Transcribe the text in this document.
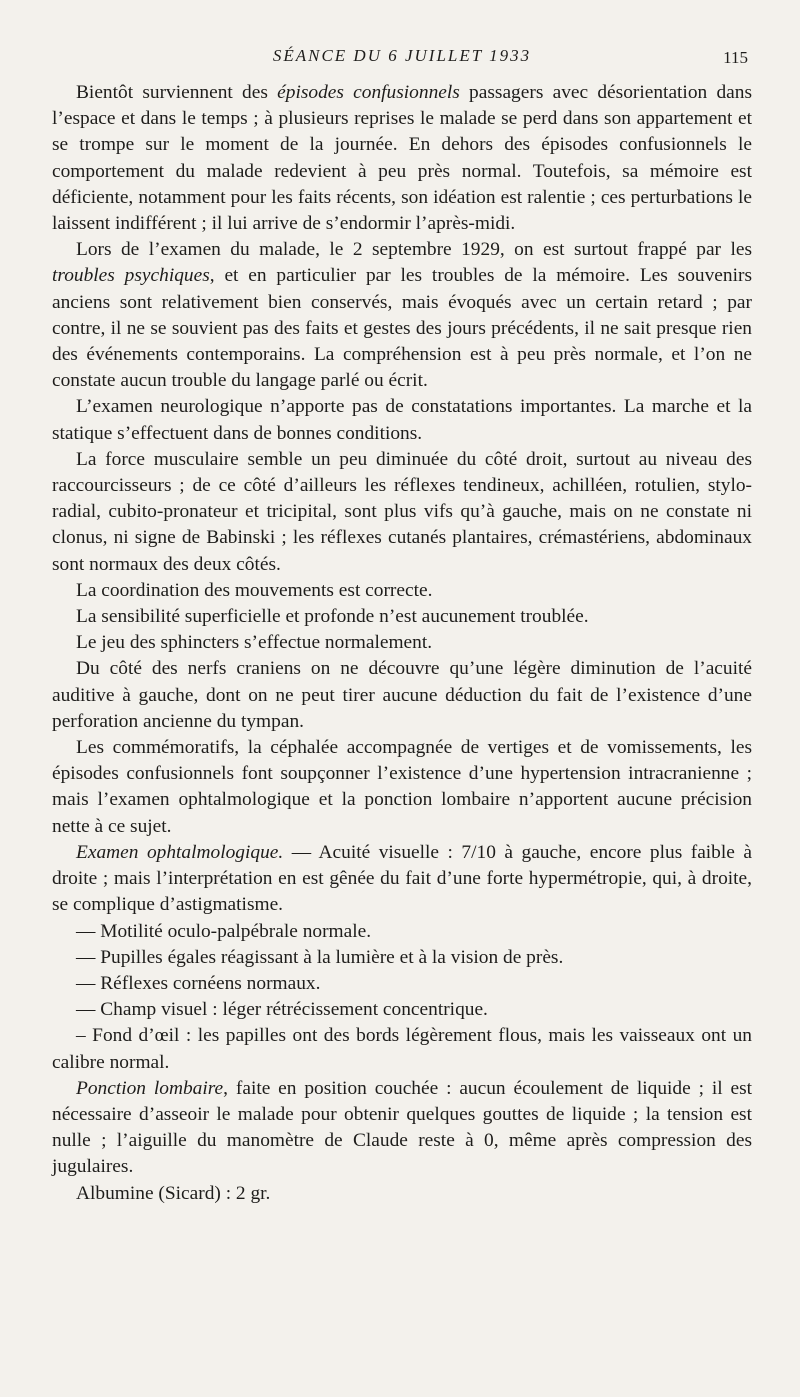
SÉANCE DU 6 JUILLET 1933	115

Bientôt surviennent des épisodes confusionnels passagers avec désorientation dans l’espace et dans le temps ; à plusieurs reprises le malade se perd dans son appartement et se trompe sur le moment de la journée. En dehors des épisodes confusionnels le comportement du malade redevient à peu près normal. Toutefois, sa mémoire est déficiente, notamment pour les faits récents, son idéation est ralentie ; ces perturbations le laissent indifférent ; il lui arrive de s’endormir l’après-midi.

Lors de l’examen du malade, le 2 septembre 1929, on est surtout frappé par les troubles psychiques, et en particulier par les troubles de la mémoire. Les souvenirs anciens sont relativement bien conservés, mais évoqués avec un certain retard ; par contre, il ne se souvient pas des faits et gestes des jours précédents, il ne sait presque rien des événements contemporains. La compréhension est à peu près normale, et l’on ne constate aucun trouble du langage parlé ou écrit.

L’examen neurologique n’apporte pas de constatations importantes. La marche et la statique s’effectuent dans de bonnes conditions.

La force musculaire semble un peu diminuée du côté droit, surtout au niveau des raccourcisseurs ; de ce côté d’ailleurs les réflexes tendineux, achilléen, rotulien, stylo-radial, cubito-pronateur et tricipital, sont plus vifs qu’à gauche, mais on ne constate ni clonus, ni signe de Babinski ; les réflexes cutanés plantaires, crémastériens, abdominaux sont normaux des deux côtés.

La coordination des mouvements est correcte.

La sensibilité superficielle et profonde n’est aucunement troublée.

Le jeu des sphincters s’effectue normalement.

Du côté des nerfs craniens on ne découvre qu’une légère diminution de l’acuité auditive à gauche, dont on ne peut tirer aucune déduction du fait de l’existence d’une perforation ancienne du tympan.

Les commémoratifs, la céphalée accompagnée de vertiges et de vomissements, les épisodes confusionnels font soupçonner l’existence d’une hypertension intracranienne ; mais l’examen ophtalmologique et la ponction lombaire n’apportent aucune précision nette à ce sujet.

Examen ophtalmologique. — Acuité visuelle : 7/10 à gauche, encore plus faible à droite ; mais l’interprétation en est gênée du fait d’une forte hypermétropie, qui, à droite, se complique d’astigmatisme.

— Motilité oculo-palpébrale normale.

— Pupilles égales réagissant à la lumière et à la vision de près.

— Réflexes cornéens normaux.

— Champ visuel : léger rétrécissement concentrique.

– Fond d’œil : les papilles ont des bords légèrement flous, mais les vaisseaux ont un calibre normal.

Ponction lombaire, faite en position couchée : aucun écoulement de liquide ; il est nécessaire d’asseoir le malade pour obtenir quelques gouttes de liquide ; la tension est nulle ; l’aiguille du manomètre de Claude reste à 0, même après compression des jugulaires.

Albumine (Sicard) : 2 gr.
